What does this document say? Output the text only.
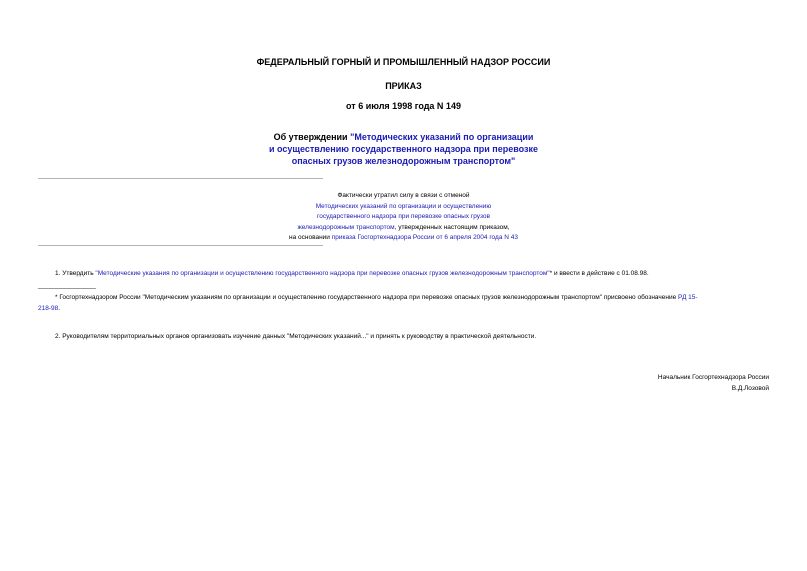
ФЕДЕРАЛЬНЫЙ ГОРНЫЙ И ПРОМЫШЛЕННЫЙ НАДЗОР РОССИИ
ПРИКАЗ
от 6 июля 1998 года N 149
Об утверждении "Методических указаний по организации
и осуществлению государственного надзора при перевозке
опасных грузов железнодорожным транспортом"
Фактически утратил силу в связи с отменой
Методических указаний по организации и осуществлению
государственного надзора при перевозке опасных грузов
железнодорожным транспортом, утвержденных настоящим приказом,
на основании приказа Госгортехнадзора России от 6 апреля 2004 года N 43
1. Утвердить "Методические указания по организации и осуществлению государственного надзора при перевозке опасных грузов железнодорожным транспортом"* и ввести в действие с 01.08.98.
________________
* Госгортехнадзором России "Методическим указаниям по организации и осуществлению государственного надзора при перевозке опасных грузов железнодорожным транспортом" присвоено обозначение РД 15-
218-98.
2. Руководителям территориальных органов организовать изучение данных "Методических указаний..." и принять к руководству в практической деятельности.
Начальник Госгортехнадзора России
В.Д.Лозовой
